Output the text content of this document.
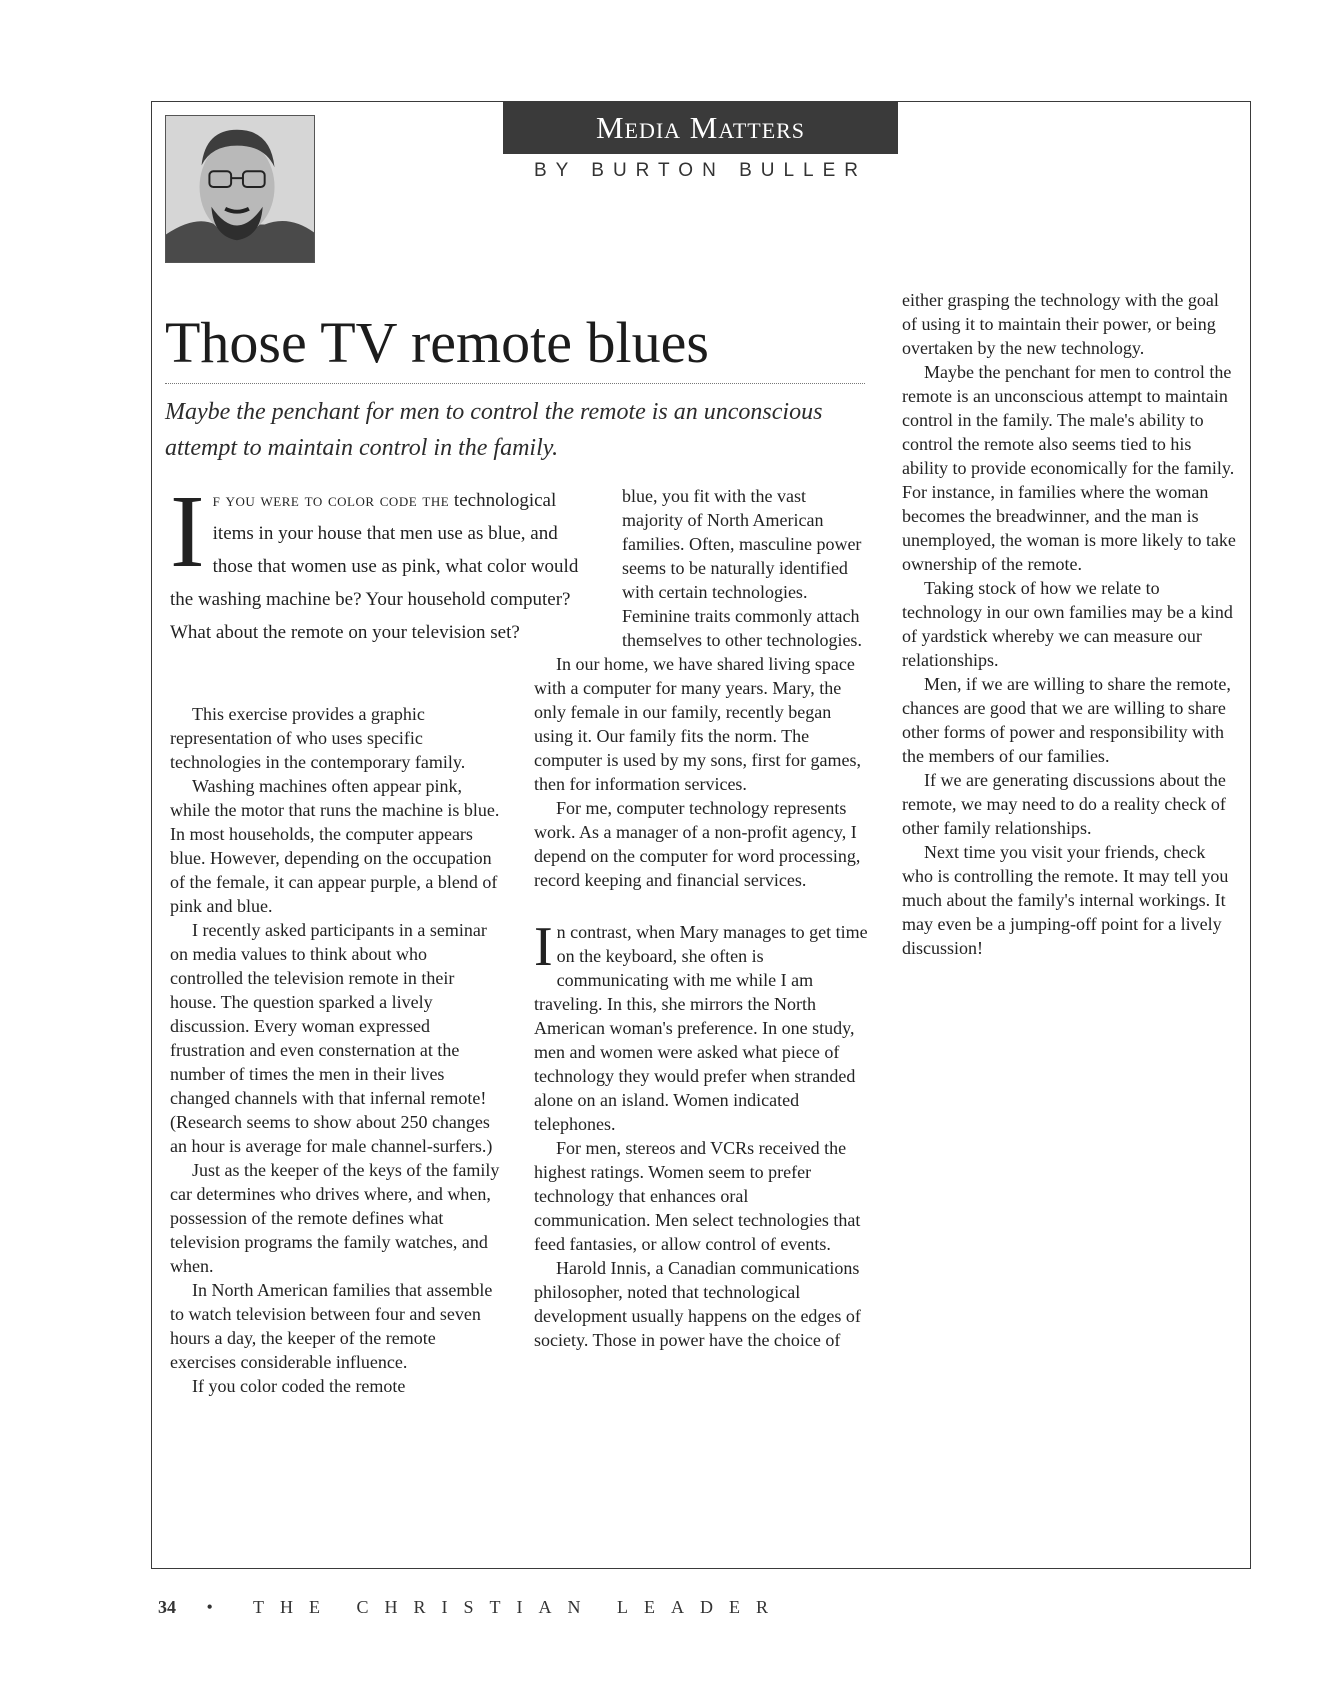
Media Matters
BY BURTON BULLER
Those TV remote blues

Maybe the penchant for men to control the remote is an unconscious attempt to maintain control in the family.

I f you were to color code the technological items in your house that men use as blue, and those that women use as pink, what color would the washing machine be? Your household computer? What about the remote on your television set?

This exercise provides a graphic representation of who uses specific technologies in the contemporary family.

Washing machines often appear pink, while the motor that runs the machine is blue. In most households, the computer appears blue. However, depending on the occupation of the female, it can appear purple, a blend of pink and blue.

I recently asked participants in a seminar on media values to think about who controlled the television remote in their house. The question sparked a lively discussion. Every woman expressed frustration and even consternation at the number of times the men in their lives changed channels with that infernal remote! (Research seems to show about 250 changes an hour is average for male channel-surfers.)

Just as the keeper of the keys of the family car determines who drives where, and when, possession of the remote defines what television programs the family watches, and when.

In North American families that assemble to watch television between four and seven hours a day, the keeper of the remote exercises considerable influence.

If you color coded the remote

blue, you fit with the vast majority of North American families. Often, masculine power seems to be naturally identified with certain technologies. Feminine traits commonly attach themselves to other technologies.

In our home, we have shared living space with a computer for many years. Mary, the only female in our family, recently began using it. Our family fits the norm. The computer is used by my sons, first for games, then for information services.

For me, computer technology represents work. As a manager of a non-profit agency, I depend on the computer for word processing, record keeping and financial services.

In contrast, when Mary manages to get time on the keyboard, she often is communicating with me while I am traveling. In this, she mirrors the North American woman's preference. In one study, men and women were asked what piece of technology they would prefer when stranded alone on an island. Women indicated telephones.

For men, stereos and VCRs received the highest ratings. Women seem to prefer technology that enhances oral communication. Men select technologies that feed fantasies, or allow control of events.

Harold Innis, a Canadian communications philosopher, noted that technological development usually happens on the edges of society. Those in power have the choice of

either grasping the technology with the goal of using it to maintain their power, or being overtaken by the new technology.

Maybe the penchant for men to control the remote is an unconscious attempt to maintain control in the family. The male's ability to control the remote also seems tied to his ability to provide economically for the family. For instance, in families where the woman becomes the breadwinner, and the man is unemployed, the woman is more likely to take ownership of the remote.

Taking stock of how we relate to technology in our own families may be a kind of yardstick whereby we can measure our relationships.

Men, if we are willing to share the remote, chances are good that we are willing to share other forms of power and responsibility with the members of our families.

If we are generating discussions about the remote, we may need to do a reality check of other family relationships.

Next time you visit your friends, check who is controlling the remote. It may tell you much about the family's internal workings. It may even be a jumping-off point for a lively discussion!

34 • THE CHRISTIAN LEADER
